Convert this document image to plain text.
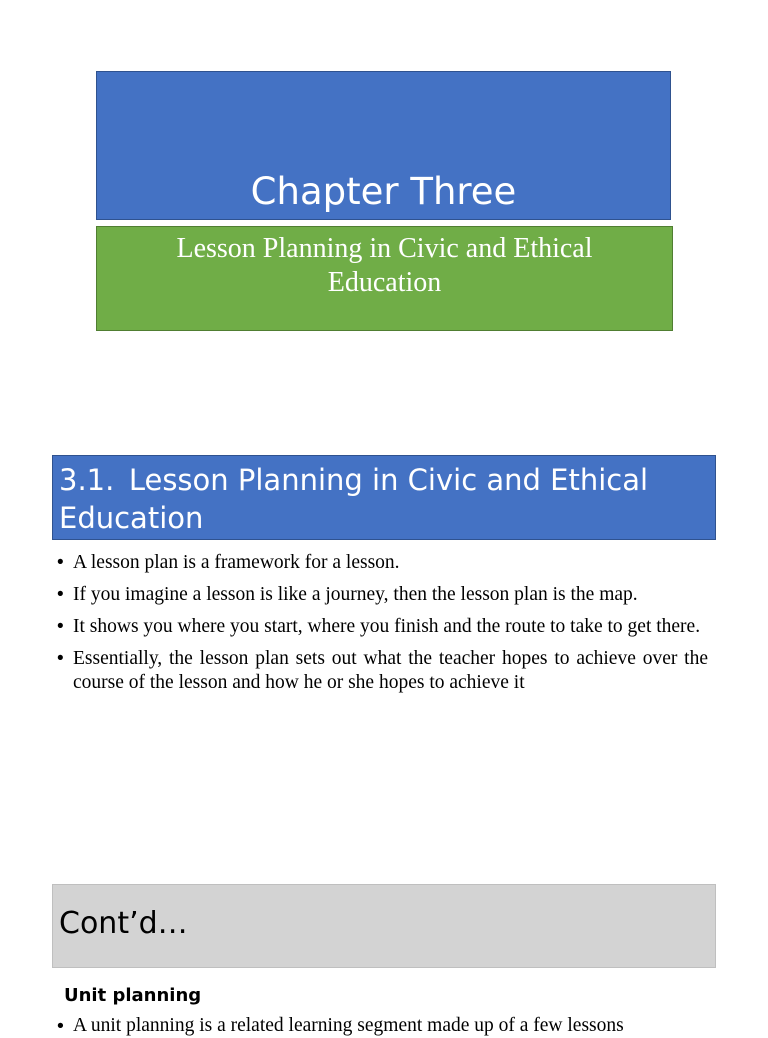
Chapter Three
Lesson Planning in Civic and Ethical Education
3.1. Lesson Planning in Civic and Ethical Education
• A lesson plan is a framework for a lesson.
• If you imagine a lesson is like a journey, then the lesson plan is the map.
• It shows you where you start, where you finish and the route to take to get there.
• Essentially, the lesson plan sets out what the teacher hopes to achieve over the course of the lesson and how he or she hopes to achieve it
Cont’d…
Unit planning
• A unit planning is a related learning segment made up of a few lessons
